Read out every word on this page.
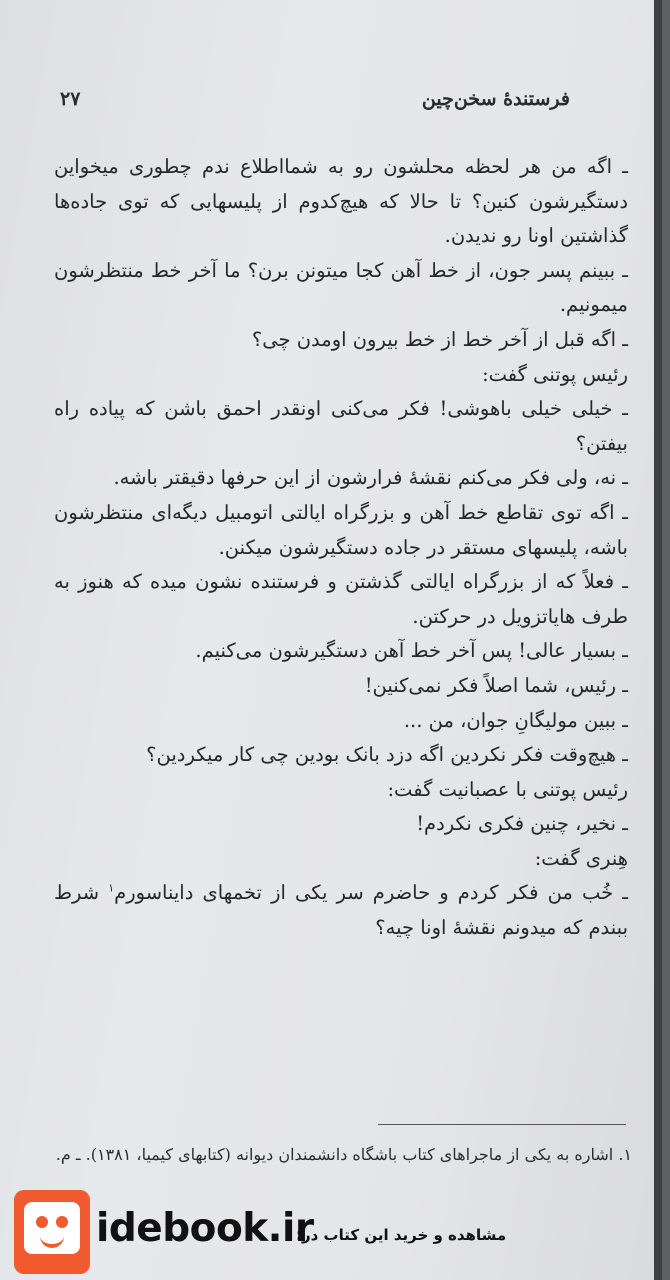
فرستندهٔ سخن‌چین
۲۷

ـ اگه من هر لحظه محلشون رو به شمااطلاع ندم چطوری میخواین دستگیرشون کنین؟ تا حالا که هیچ‌کدوم از پلیسهایی که توی جاده‌ها گذاشتین اونا رو ندیدن.

ـ ببینم پسر جون، از خط آهن کجا میتونن برن؟ ما آخر خط منتظرشون میمونیم.

ـ اگه قبل از آخر خط از خط بیرون اومدن چی؟

رئیس پوتنی گفت:

ـ خیلی خیلی باهوشی! فکر می‌کنی اونقدر احمق باشن که پیاده راه بیفتن؟

ـ نه، ولی فکر می‌کنم نقشهٔ فرارشون از این حرفها دقیقتر باشه.

ـ اگه توی تقاطع خط آهن و بزرگراه ایالتی اتومبیل دیگه‌ای منتظرشون باشه، پلیسهای مستقر در جاده دستگیرشون میکنن.

ـ فعلاً که از بزرگراه ایالتی گذشتن و فرستنده نشون میده که هنوز به طرف هایاتزویل در حرکتن.

ـ بسیار عالی! پس آخر خط آهن دستگیرشون می‌کنیم.

ـ رئیس، شما اصلاً فکر نمی‌کنین!

ـ ببین مولیگانِ جوان، من ...

ـ هیچ‌وقت فکر نکردین اگه دزد بانک بودین چی کار میکردین؟

رئیس پوتنی با عصبانیت گفت:

ـ نخیر، چنین فکری نکردم!

هِنری گفت:

ـ خُب من فکر کردم و حاضرم سر یکی از تخمهای دایناسورم$^۱$ شرط ببندم که میدونم نقشهٔ اونا چیه؟

۱. اشاره به یکی از ماجراهای کتاب باشگاه دانشمندان دیوانه (کتابهای کیمیا، ۱۳۸۱). ـ م.

idebook.ir
مشاهده و خرید این کتاب در:
